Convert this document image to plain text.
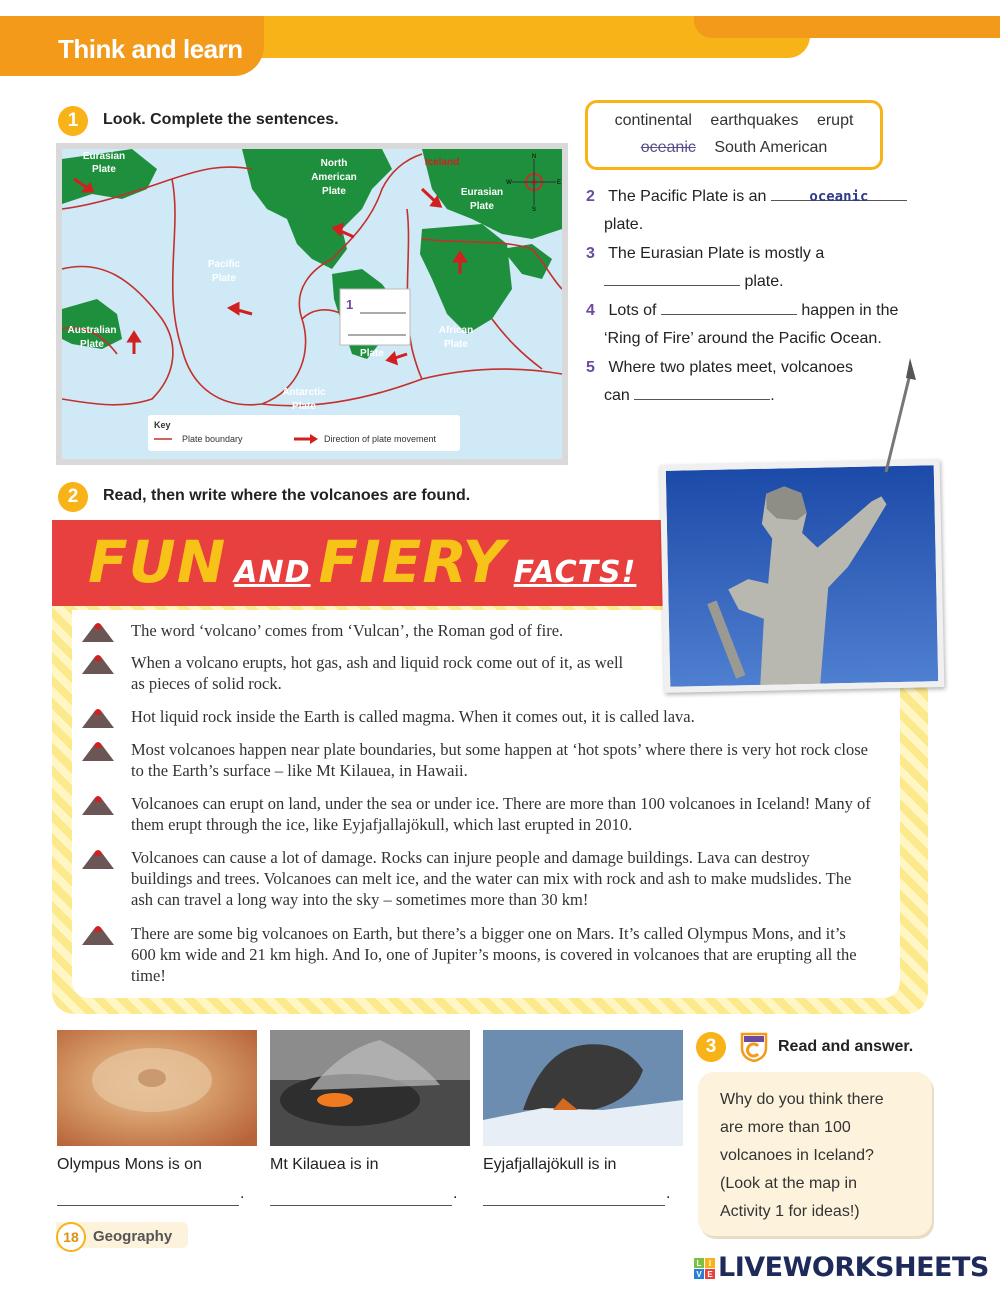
Think and learn
1	Look. Complete the sentences.
1
N
W	E
S
Eurasian
Plate
North
American
Plate
Iceland
Eurasian
Plate
Pacific
Plate
Australian
Plate
African
Plate
Plate
Antarctic
Plate
Key
Plate boundary	Direction of plate movement
continental earthquakes erupt
oceanic South American
2 The Pacific Plate is an	oceanic
plate.
3 The Eurasian Plate is mostly a
plate.
4 Lots of	happen in the
‘Ring of Fire’ around the Pacific Ocean.
5 Where two plates meet, volcanoes
can	.
2	Read, then write where the volcanoes are found.
FUN AND FIERY FACTS!
The word ‘volcano’ comes from ‘Vulcan’, the Roman god of fire.
When a volcano erupts, hot gas, ash and liquid rock come out of it, as well as pieces of solid rock.
Hot liquid rock inside the Earth is called magma. When it comes out, it is called lava.
Most volcanoes happen near plate boundaries, but some happen at ‘hot spots’ where there is very hot rock close to the Earth’s surface – like Mt Kilauea, in Hawaii.
Volcanoes can erupt on land, under the sea or under ice. There are more than 100 volcanoes in Iceland! Many of them erupt through the ice, like Eyjafjallajökull, which last erupted in 2010.
Volcanoes can cause a lot of damage. Rocks can injure people and damage buildings. Lava can destroy buildings and trees. Volcanoes can melt ice, and the water can mix with rock and ash to make mudslides. The ash can travel a long way into the sky – sometimes more than 30 km!
There are some big volcanoes on Earth, but there’s a bigger one on Mars. It’s called Olympus Mons, and it’s 600 km wide and 21 km high. And Io, one of Jupiter’s moons, is covered in volcanoes that are erupting all the time!
Olympus Mons is on
.
Mt Kilauea is in
.
Eyjafjallajökull is in
.
3	Read and answer.
Why do you think there
are more than 100
volcanoes in Iceland?
(Look at the map in
Activity 1 for ideas!)
18 Geography
L I
V E LIVEWORKSHEETS
